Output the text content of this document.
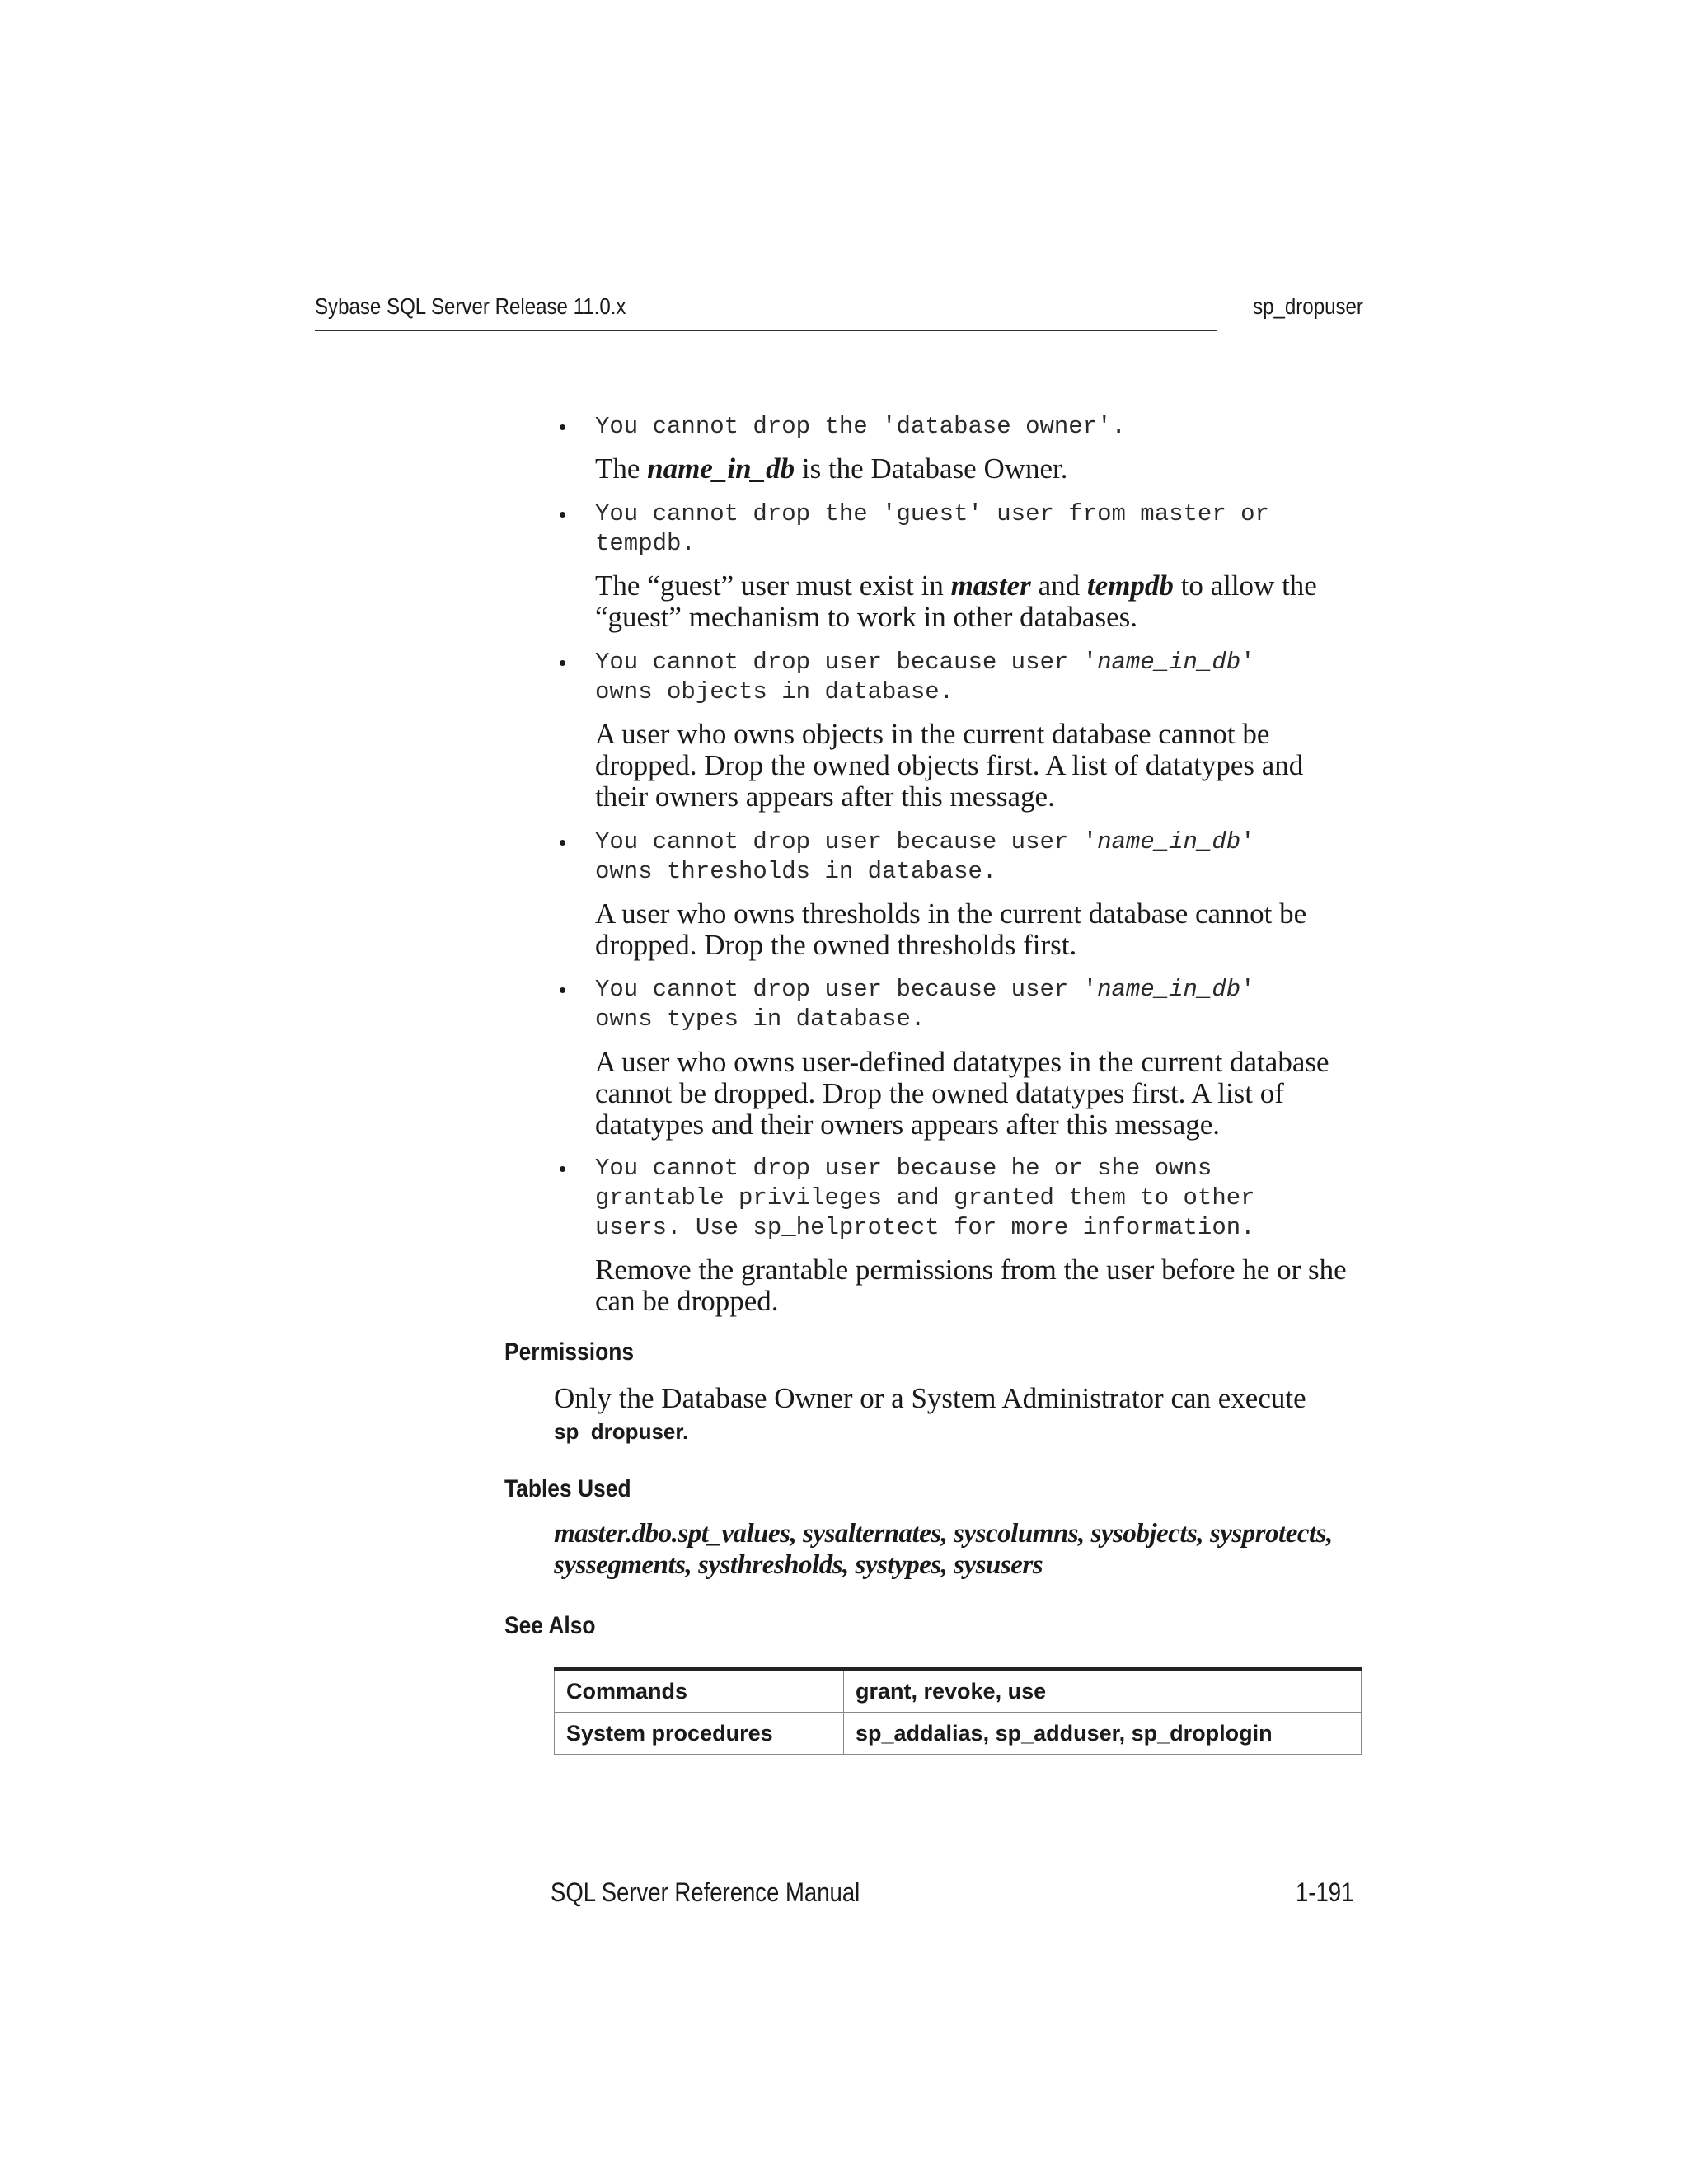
Sybase SQL Server Release 11.0.x	sp_dropuser
• You cannot drop the 'database owner'.
The name_in_db is the Database Owner.
• You cannot drop the 'guest' user from master or
tempdb.
The “guest” user must exist in master and tempdb to allow the
“guest” mechanism to work in other databases.
• You cannot drop user because user 'name_in_db'
owns objects in database.
A user who owns objects in the current database cannot be
dropped. Drop the owned objects first. A list of datatypes and
their owners appears after this message.
• You cannot drop user because user 'name_in_db'
owns thresholds in database.
A user who owns thresholds in the current database cannot be
dropped. Drop the owned thresholds first.
• You cannot drop user because user 'name_in_db'
owns types in database.
A user who owns user-defined datatypes in the current database
cannot be dropped. Drop the owned datatypes first. A list of
datatypes and their owners appears after this message.
• You cannot drop user because he or she owns
grantable privileges and granted them to other
users. Use sp_helprotect for more information.
Remove the grantable permissions from the user before he or she
can be dropped.
Permissions
Only the Database Owner or a System Administrator can execute
sp_dropuser.
Tables Used
master.dbo.spt_values, sysalternates, syscolumns, sysobjects, sysprotects,
syssegments, systhresholds, systypes, sysusers
See Also
Commands	grant, revoke, use
System procedures	sp_addalias, sp_adduser, sp_droplogin
SQL Server Reference Manual	1-191
